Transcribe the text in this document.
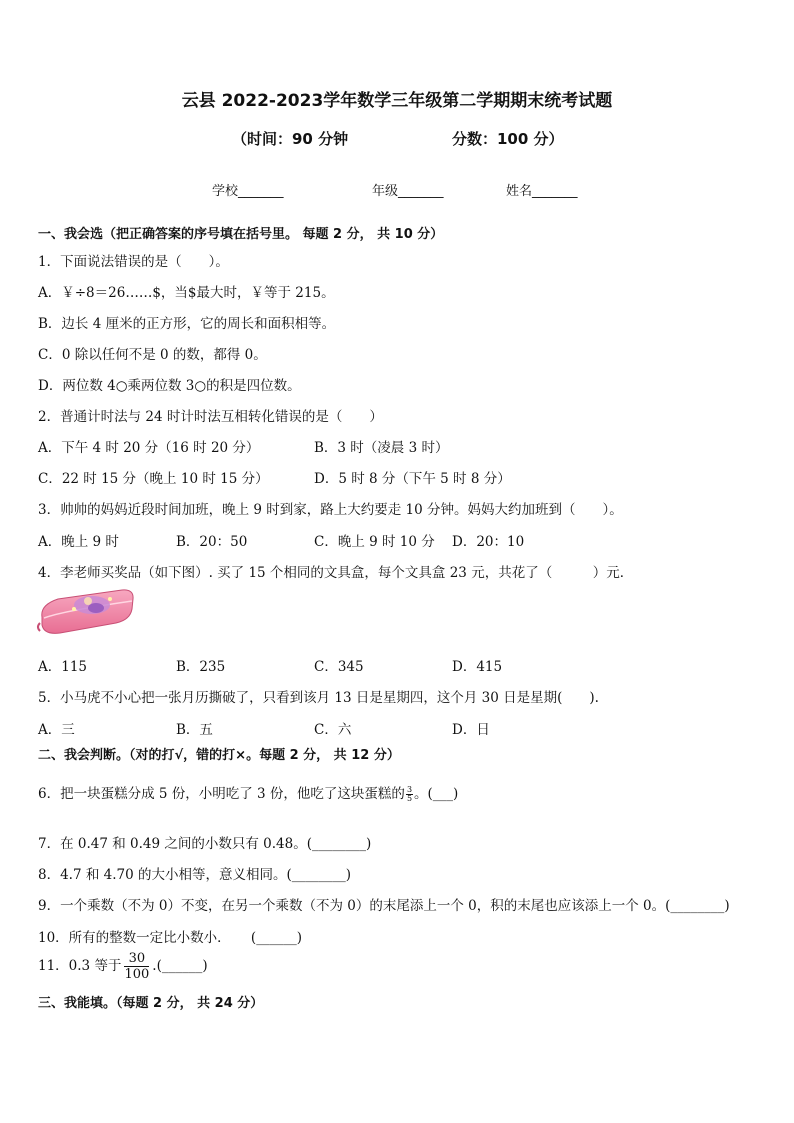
云县 2022-2023学年数学三年级第二学期期末统考试题
（时间：90 分钟	分数：100 分）
学校_______	年级_______	姓名_______
一、我会选（把正确答案的序号填在括号里。 每题 2 分， 共 10 分）
1．下面说法错误的是（　　）。
A．￥÷8＝26……$，当$最大时，￥等于 215。
B．边长 4 厘米的正方形，它的周长和面积相等。
C．0 除以任何不是 0 的数，都得 0。
D．两位数 4○乘两位数 3○的积是四位数。
2．普通计时法与 24 时计时法互相转化错误的是（　　）
A．下午 4 时 20 分（16 时 20 分）	B．3 时（凌晨 3 时）
C．22 时 15 分（晚上 10 时 15 分）	D．5 时 8 分（下午 5 时 8 分）
3．帅帅的妈妈近段时间加班，晚上 9 时到家，路上大约要走 10 分钟。妈妈大约加班到（　　）。
A．晚上 9 时	B．20：50	C．晚上 9 时 10 分 D．20：10
4．李老师买奖品（如下图）. 买了 15 个相同的文具盒，每个文具盒 23 元，共花了（　　　）元．
A．115	B．235	C．345	D．415
5．小马虎不小心把一张月历撕破了，只看到该月 13 日是星期四，这个月 30 日是星期(　　).
A．三	B．五	C．六	D．日
二、我会判断。（对的打√，错的打×。每题 2 分， 共 12 分）
6．把一块蛋糕分成 5 份，小明吃了 3 份，他吃了这块蛋糕的 $\frac{3}{5}$ 。(___)
7．在 0.47 和 0.49 之间的小数只有 0.48。(________)
8．4.7 和 4.70 的大小相等，意义相同。(________)
9．一个乘数（不为 0）不变，在另一个乘数（不为 0）的末尾添上一个 0，积的末尾也应该添上一个 0。(________)
10．所有的整数一定比小数小．　　(______)
11．0.3 等于 $\frac{30}{100}$ .(______)
三、我能填。（每题 2 分， 共 24 分）
